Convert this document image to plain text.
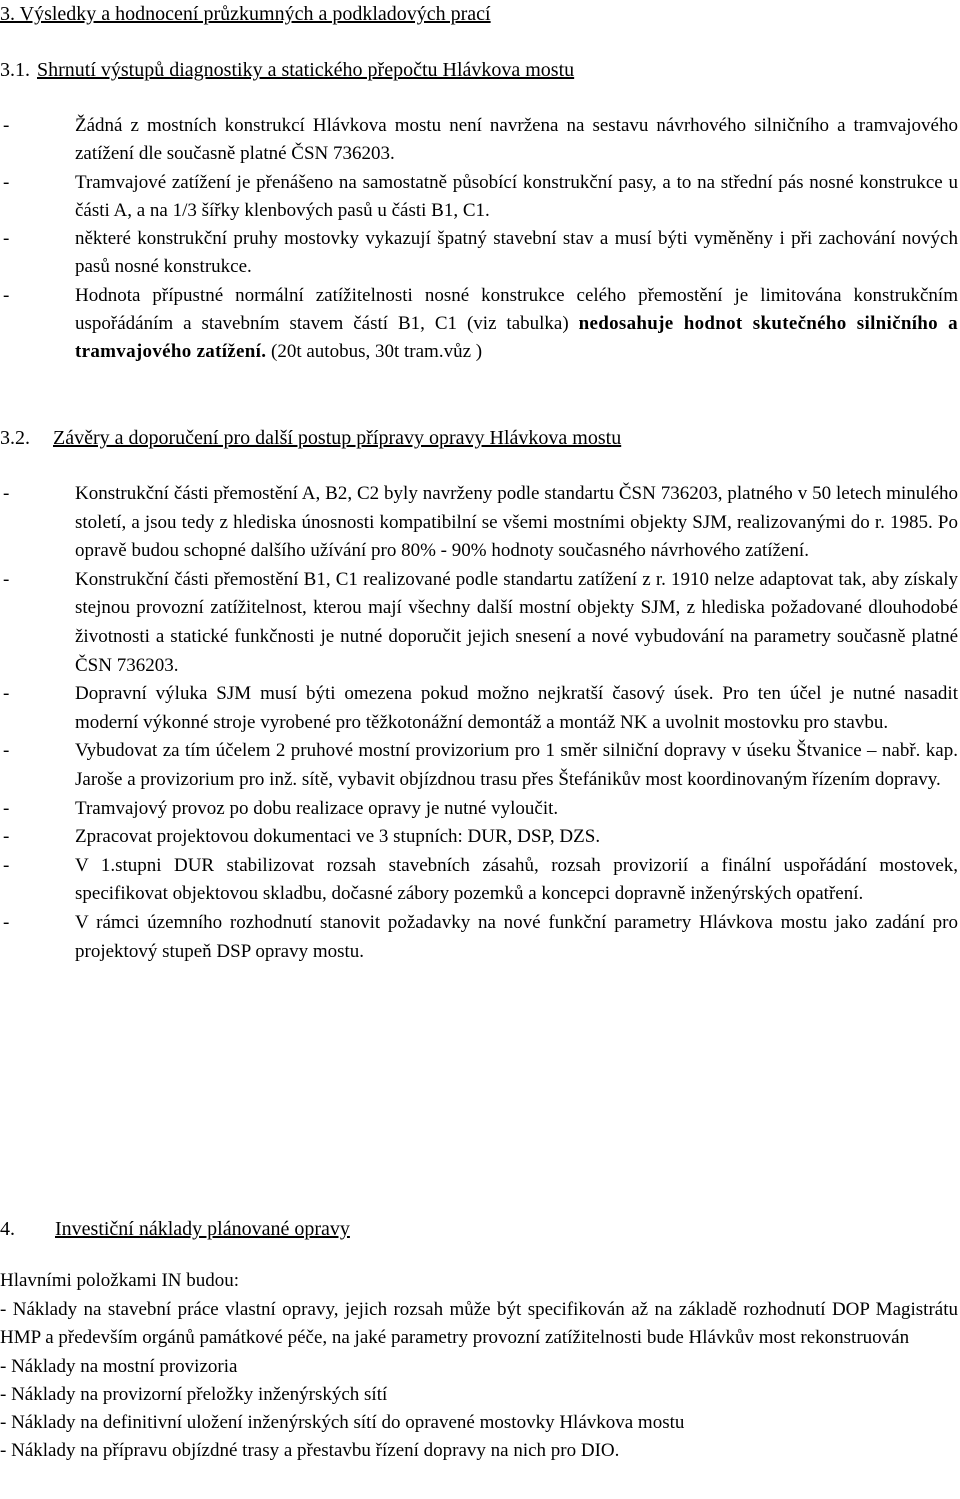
3. Výsledky a hodnocení průzkumných a podkladových prací
3.1. Shrnutí výstupů diagnostiky a statického přepočtu Hlávkova mostu
-	Žádná z mostních konstrukcí Hlávkova mostu není navržena na sestavu návrhového silničního a tramvajového zatížení dle současně platné ČSN 736203.
-	Tramvajové zatížení je přenášeno na samostatně působící konstrukční pasy, a to na střední pás nosné konstrukce u části A, a na 1/3 šířky klenbových pasů u části B1, C1.
-	některé konstrukční pruhy mostovky vykazují špatný stavební stav a musí býti vyměněny i při zachování nových pasů nosné konstrukce.
-	Hodnota přípustné normální zatížitelnosti nosné konstrukce celého přemostění je limitována konstrukčním uspořádáním a stavebním stavem částí B1, C1 (viz tabulka) nedosahuje hodnot skutečného silničního a tramvajového zatížení. (20t autobus, 30t tram.vůz )
3.2. Závěry a doporučení pro další postup přípravy opravy Hlávkova mostu
-	Konstrukční části přemostění A, B2, C2 byly navrženy podle standartu ČSN 736203, platného v 50 letech minulého století, a jsou tedy z hlediska únosnosti kompatibilní se všemi mostními objekty SJM, realizovanými do r. 1985. Po opravě budou schopné dalšího užívání pro 80% - 90% hodnoty současného návrhového zatížení.
-	Konstrukční části přemostění B1, C1 realizované podle standartu zatížení z r. 1910 nelze adaptovat tak, aby získaly stejnou provozní zatížitelnost, kterou mají všechny další mostní objekty SJM, z hlediska požadované dlouhodobé životnosti a statické funkčnosti je nutné doporučit jejich snesení a nové vybudování na parametry současně platné ČSN 736203.
-	Dopravní výluka SJM musí býti omezena pokud možno nejkratší časový úsek. Pro ten účel je nutné nasadit moderní výkonné stroje vyrobené pro těžkotonážní demontáž a montáž NK a uvolnit mostovku pro stavbu.
-	Vybudovat za tím účelem 2 pruhové mostní provizorium pro 1 směr silniční dopravy v úseku Štvanice – nabř. kap. Jaroše a provizorium pro inž. sítě, vybavit objízdnou trasu přes Štefánikův most koordinovaným řízením dopravy.
-	Tramvajový provoz po dobu realizace opravy je nutné vyloučit.
-	Zpracovat projektovou dokumentaci ve 3 stupních: DUR, DSP, DZS.
-	V 1.stupni DUR stabilizovat rozsah stavebních zásahů, rozsah provizorií a finální uspořádání mostovek, specifikovat objektovou skladbu, dočasné zábory pozemků a koncepci dopravně inženýrských opatření.
-	V rámci územního rozhodnutí stanovit požadavky na nové funkční parametry Hlávkova mostu jako zadání pro projektový stupeň DSP opravy mostu.
4. Investiční náklady plánované opravy

Hlavními položkami IN budou:

- Náklady na stavební práce vlastní opravy, jejich rozsah může být specifikován až na základě rozhodnutí DOP Magistrátu HMP a především orgánů památkové péče, na jaké parametry provozní zatížitelnosti bude Hlávkův most rekonstruován
- Náklady na mostní provizoria
- Náklady na provizorní přeložky inženýrských sítí
- Náklady na definitivní uložení inženýrských sítí do opravené mostovky Hlávkova mostu
- Náklady na přípravu objízdné trasy a přestavbu řízení dopravy na nich pro DIO.
